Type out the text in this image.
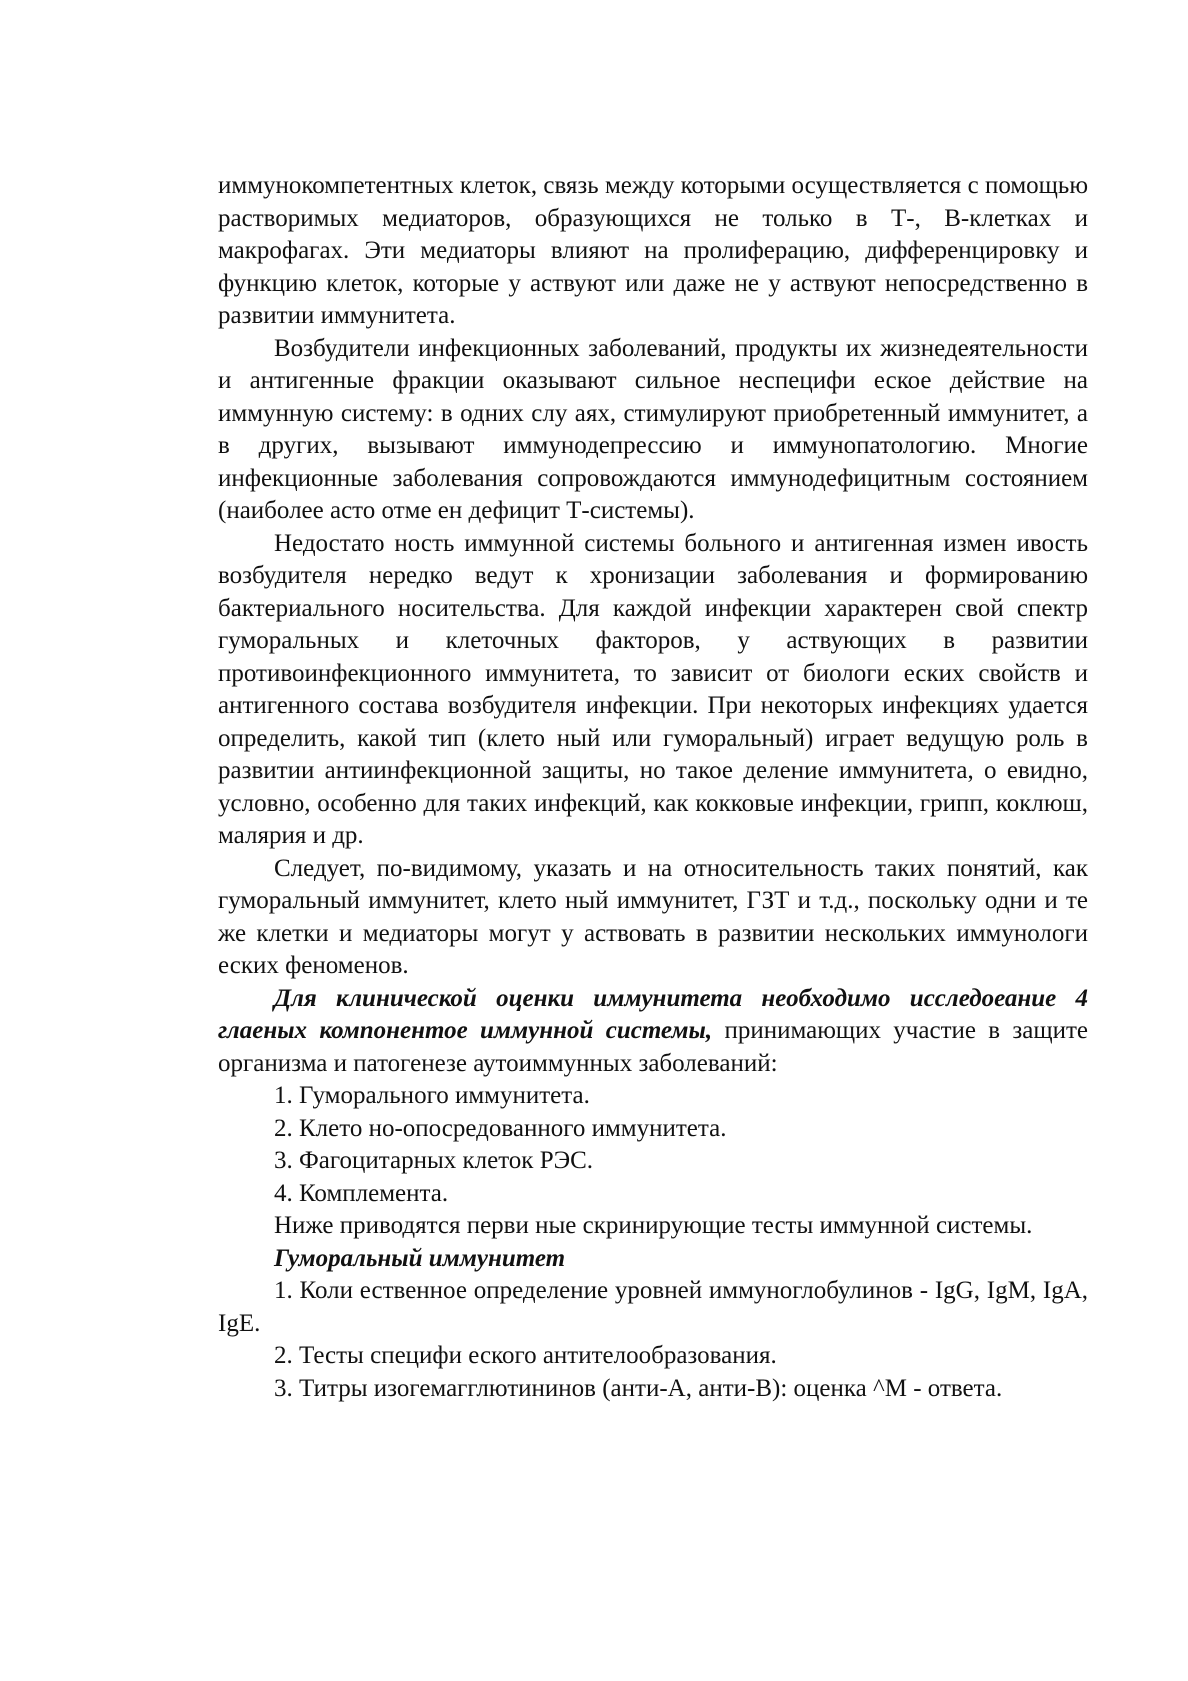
иммунокомпетентных клеток, связь между которыми осуществляется с помощью растворимых медиаторов, образующихся не только в Т-, В-клетках и макрофагах. Эти медиаторы влияют на пролиферацию, дифференцировку и функцию клеток, которые у аствуют или даже не у аствуют непосредственно в развитии иммунитета.

Возбудители инфекционных заболеваний, продукты их жизнедеятельности и антигенные фракции оказывают сильное неспецифи еское действие на иммунную систему: в одних слу аях, стимулируют приобретенный иммунитет, а в других, вызывают иммунодепрессию и иммунопатологию. Многие инфекционные заболевания сопровождаются иммунодефицитным состоянием (наиболее асто отме ен дефицит Т-системы).

Недостато ность иммунной системы больного и антигенная измен ивость возбудителя нередко ведут к хронизации заболевания и формированию бактериального носительства. Для каждой инфекции характерен свой спектр гуморальных и клеточных факторов, у аствующих в развитии противоинфекционного иммунитета, то зависит от биологи еских свойств и антигенного состава возбудителя инфекции. При некоторых инфекциях удается определить, какой тип (клето ный или гуморальный) играет ведущую роль в развитии антиинфекционной защиты, но такое деление иммунитета, о евидно, условно, особенно для таких инфекций, как кокковые инфекции, грипп, коклюш, малярия и др.

Следует, по-видимому, указать и на относительность таких понятий, как гуморальный иммунитет, клето ный иммунитет, ГЗТ и т.д., поскольку одни и те же клетки и медиаторы могут у аствовать в развитии нескольких иммунологи еских феноменов.

Для клинической оценки иммунитета необходимо исследоеание 4 глаеных компонентое иммунной системы, принимающих участие в защите организма и патогенезе аутоиммунных заболеваний:

1. Гуморального иммунитета.

2. Клето но-опосредованного иммунитета.

3. Фагоцитарных клеток РЭС.

4. Комплемента.

Ниже приводятся перви ные скринирующие тесты иммунной системы.

Гуморальный иммунитет

1. Коли ественное определение уровней иммуноглобулинов - IgG, IgM, IgA, IgE.

2. Тесты специфи еского антителообразования.

3. Титры изогемагглютининов (анти-А, анти-В): оценка ^M - ответа.
